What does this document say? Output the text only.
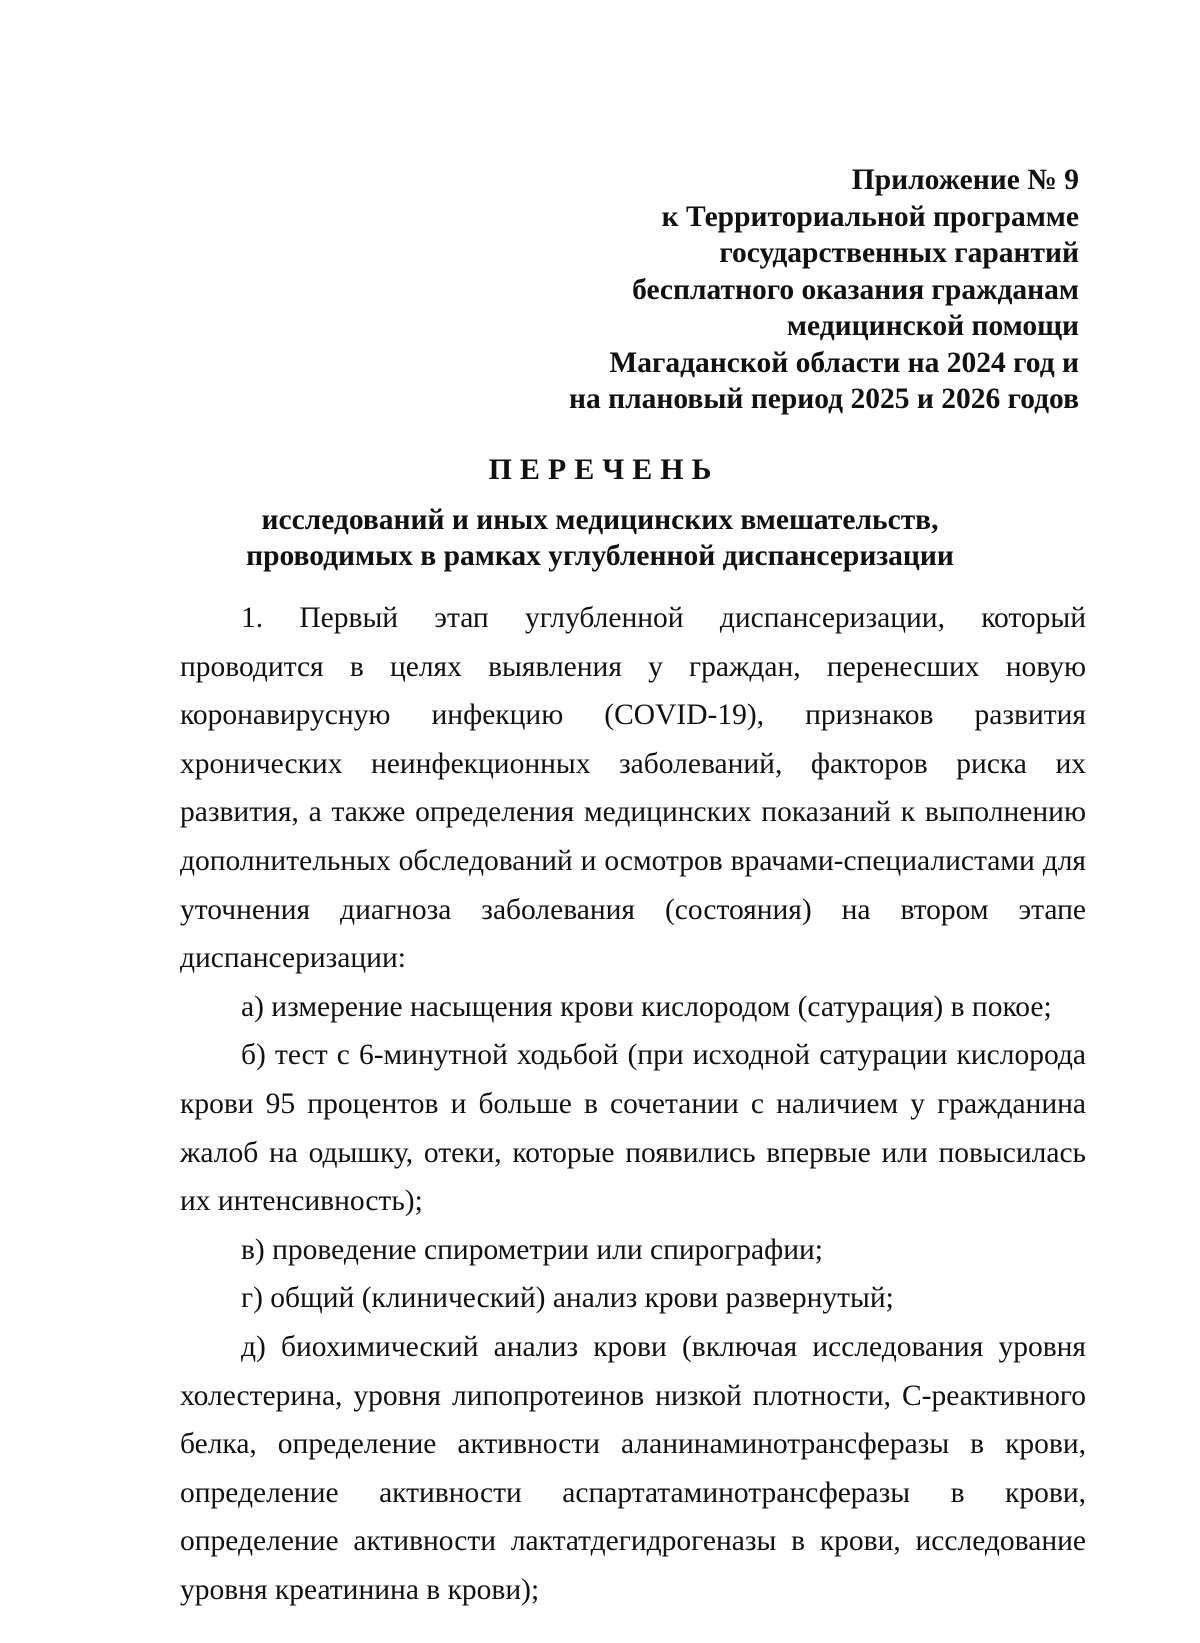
Приложение № 9
к Территориальной программе
государственных гарантий
бесплатного оказания гражданам
медицинской помощи
Магаданской области на 2024 год и
на плановый период 2025 и 2026 годов
ПЕРЕЧЕНЬ
исследований и иных медицинских вмешательств,
проводимых в рамках углубленной диспансеризации

1. Первый этап углубленной диспансеризации, который проводится в целях выявления у граждан, перенесших новую коронавирусную инфекцию (COVID-19), признаков развития хронических неинфекционных заболеваний, факторов риска их развития, а также определения медицинских показаний к выполнению дополнительных обследований и осмотров врачами-специалистами для уточнения диагноза заболевания (состояния) на втором этапе диспансеризации:

а) измерение насыщения крови кислородом (сатурация) в покое;

б) тест с 6-минутной ходьбой (при исходной сатурации кислорода крови 95 процентов и больше в сочетании с наличием у гражданина жалоб на одышку, отеки, которые появились впервые или повысилась их интенсивность);

в) проведение спирометрии или спирографии;

г) общий (клинический) анализ крови развернутый;

д) биохимический анализ крови (включая исследования уровня холестерина, уровня липопротеинов низкой плотности, С-реактивного белка, определение активности аланинаминотрансферазы в крови, определение активности аспартатаминотрансферазы в крови, определение активности лактатдегидрогеназы в крови, исследование уровня креатинина в крови);
